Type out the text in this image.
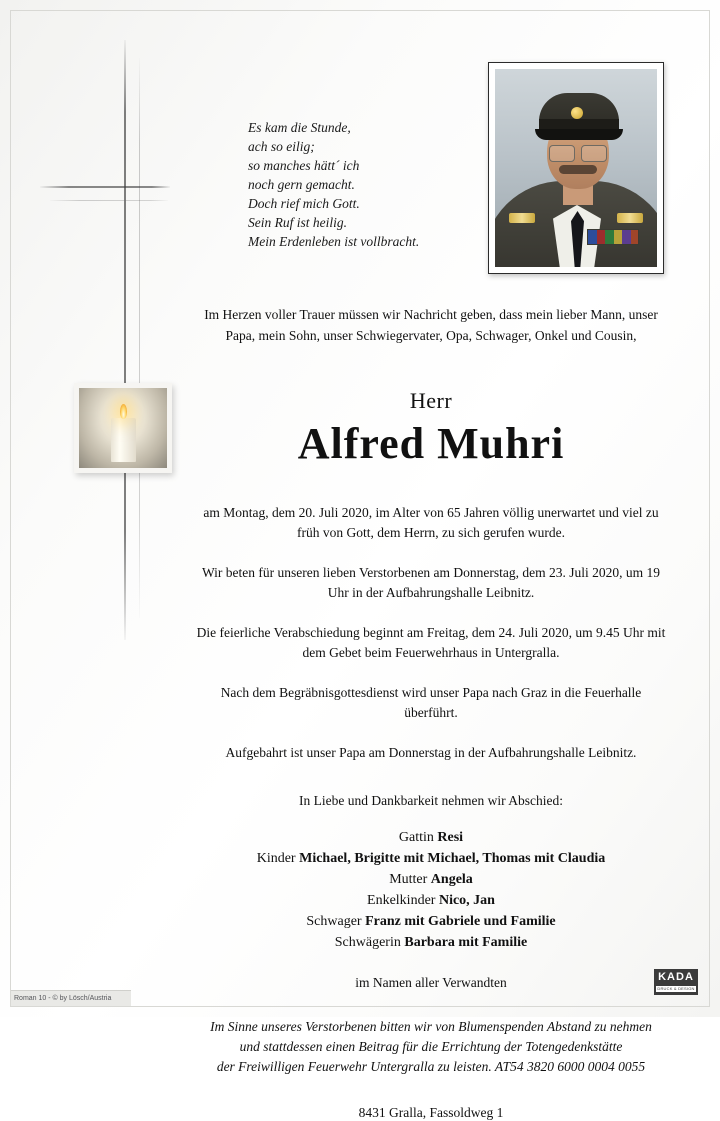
Es kam die Stunde,
ach so eilig;
so manches hätt´ ich
noch gern gemacht.
Doch rief mich Gott.
Sein Ruf ist heilig.
Mein Erdenleben ist vollbracht.
Im Herzen voller Trauer müssen wir Nachricht geben, dass mein lieber Mann, unser Papa, mein Sohn, unser Schwiegervater, Opa, Schwager, Onkel und Cousin,
Herr
Alfred Muhri
am Montag, dem 20. Juli 2020, im Alter von 65 Jahren völlig unerwartet und viel zu früh von Gott, dem Herrn, zu sich gerufen wurde.
Wir beten für unseren lieben Verstorbenen am Donnerstag, dem 23. Juli 2020, um 19 Uhr in der Aufbahrungshalle Leibnitz.
Die feierliche Verabschiedung beginnt am Freitag, dem 24. Juli 2020, um 9.45 Uhr mit dem Gebet beim Feuerwehrhaus in Untergralla.
Nach dem Begräbnisgottesdienst wird unser Papa nach Graz in die Feuerhalle überführt.
Aufgebahrt ist unser Papa am Donnerstag in der Aufbahrungshalle Leibnitz.
In Liebe und Dankbarkeit nehmen wir Abschied:
Gattin Resi
Kinder Michael, Brigitte mit Michael, Thomas mit Claudia
Mutter Angela
Enkelkinder Nico, Jan
Schwager Franz mit Gabriele und Familie
Schwägerin Barbara mit Familie
im Namen aller Verwandten
Im Sinne unseres Verstorbenen bitten wir von Blumenspenden Abstand zu nehmen
und stattdessen einen Beitrag für die Errichtung der Totengedenkstätte
der Freiwilligen Feuerwehr Untergralla zu leisten. AT54 3820 6000 0004 0055
8431 Gralla, Fassoldweg 1
Roman 10 - © by Lösch/Austria
KADA
DRUCK & DESIGN
